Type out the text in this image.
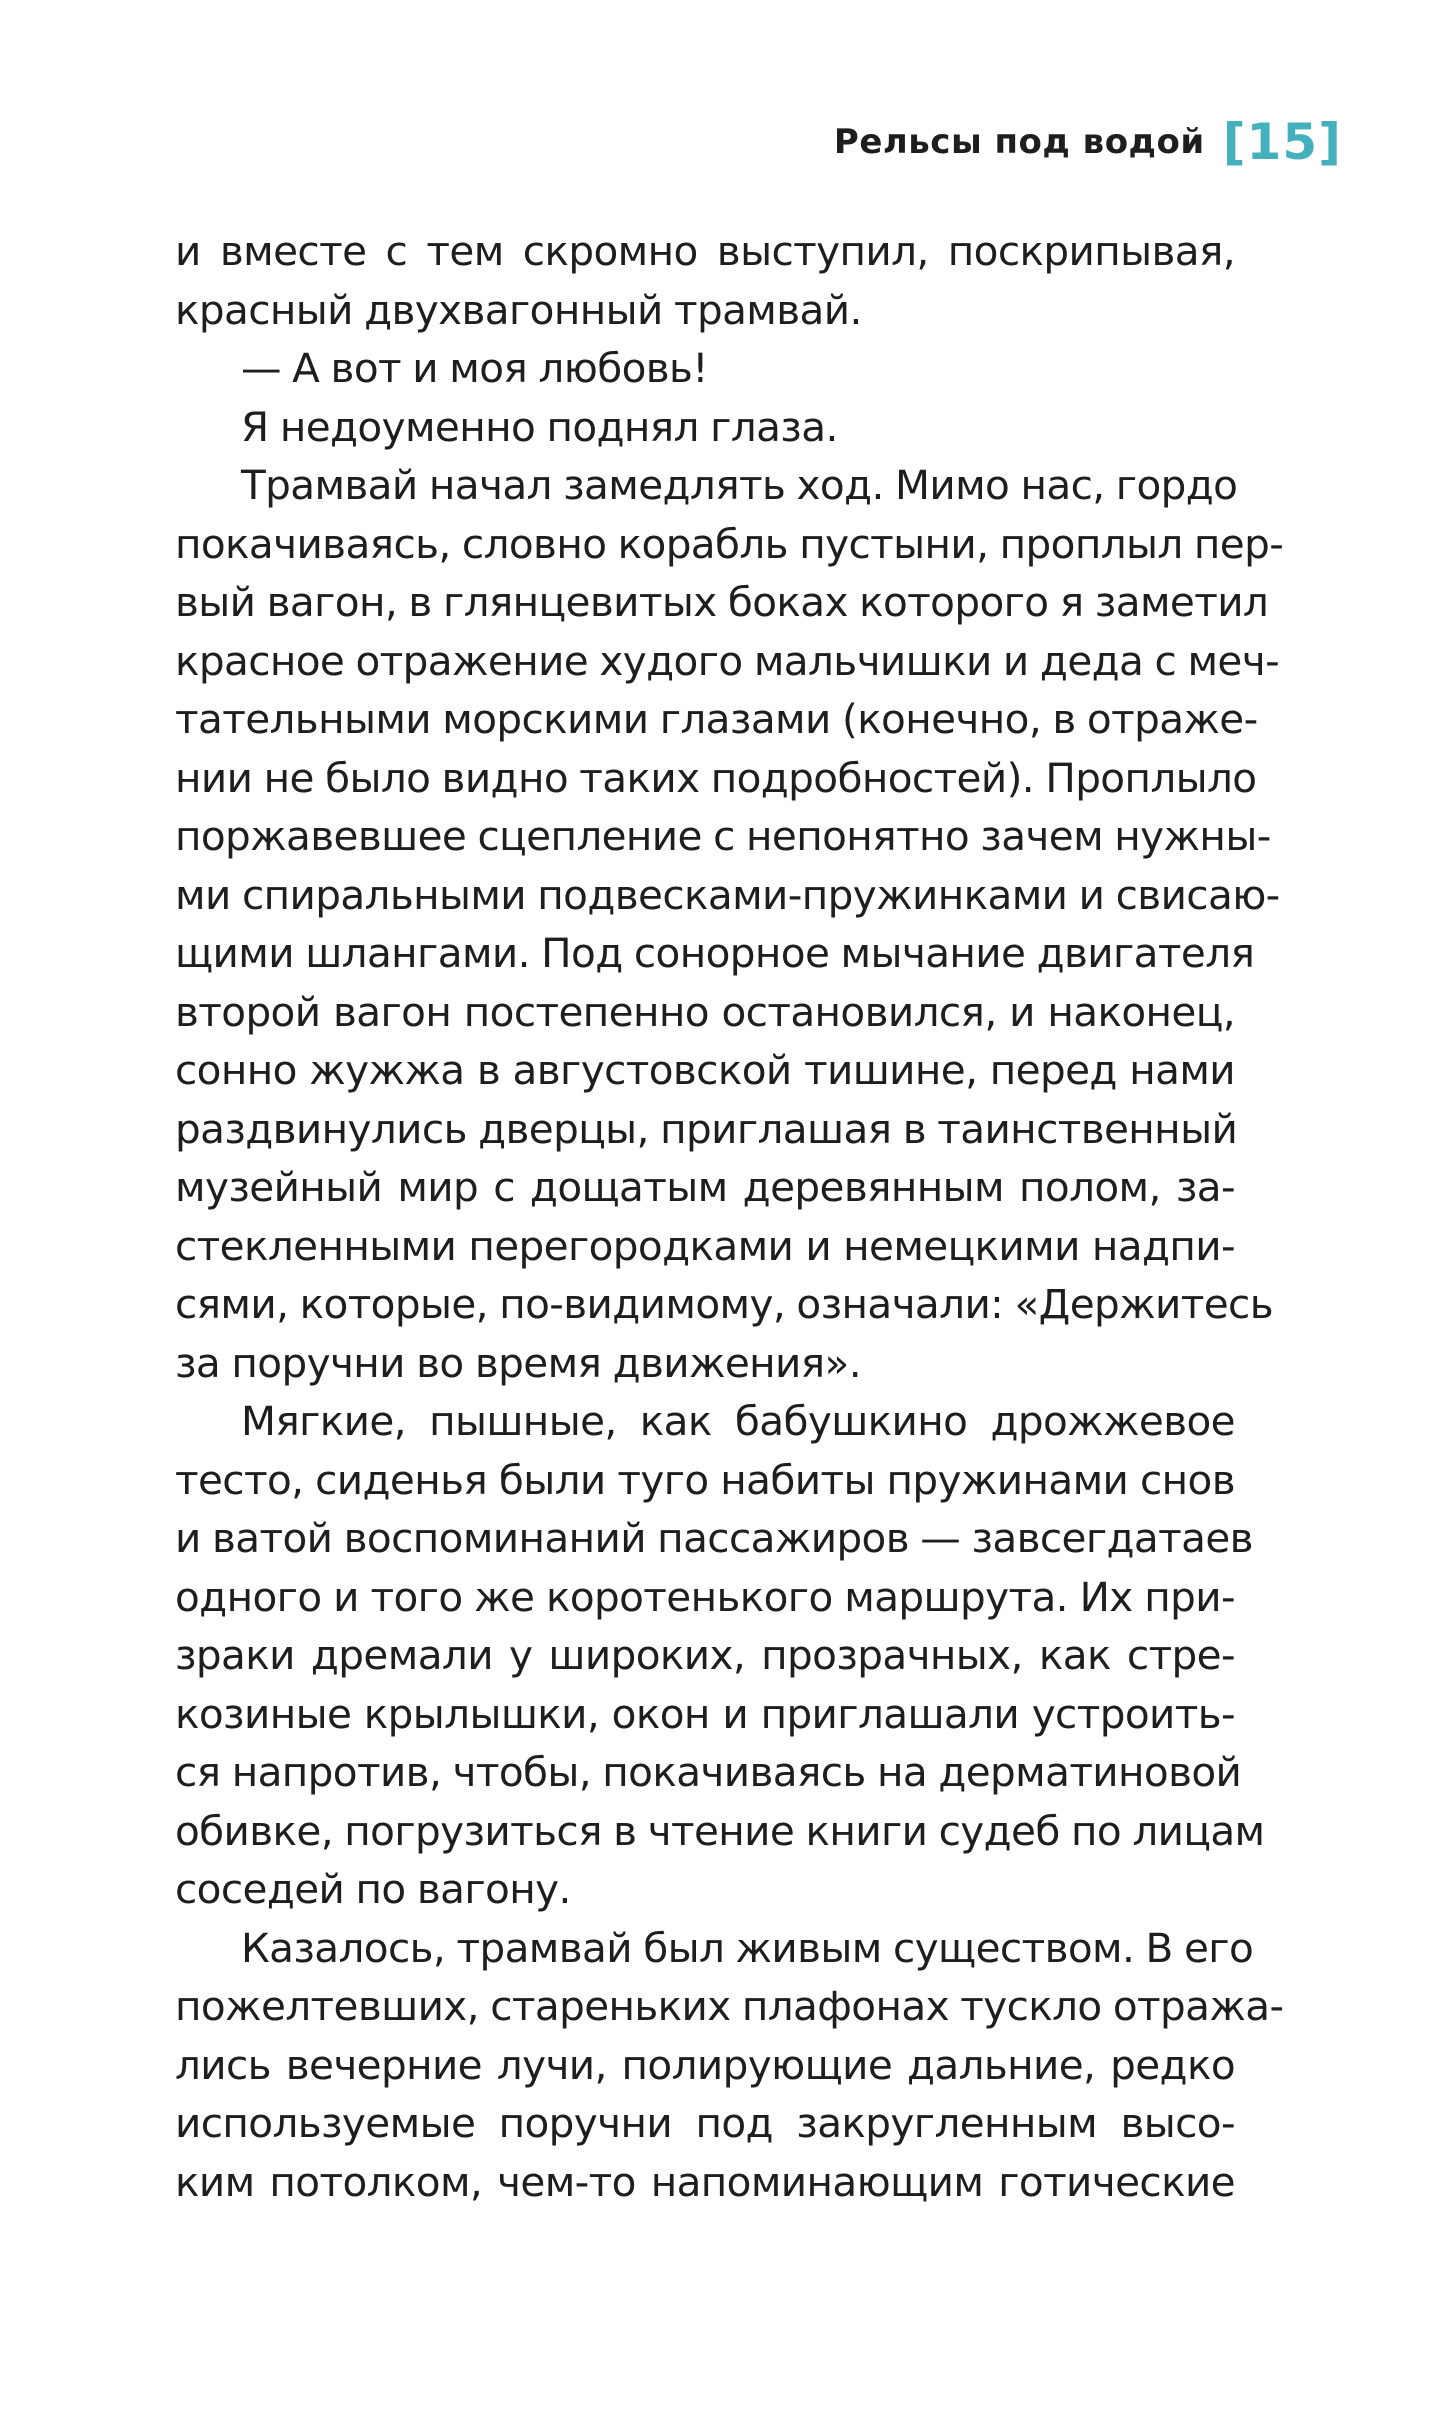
Рельсы под водой [15]
и вместе с тем скромно выступил, поскрипывая,
красный двухвагонный трамвай.
— А вот и моя любовь!
Я недоуменно поднял глаза.
Трамвай начал замедлять ход. Мимо нас, гордо
покачиваясь, словно корабль пустыни, проплыл пер-
вый вагон, в глянцевитых боках которого я заметил
красное отражение худого мальчишки и деда с меч-
тательными морскими глазами (конечно, в отраже-
нии не было видно таких подробностей). Проплыло
поржавевшее сцепление с непонятно зачем нужны-
ми спиральными подвесками-пружинками и свисаю-
щими шлангами. Под сонорное мычание двигателя
второй вагон постепенно остановился, и наконец,
сонно жужжа в августовской тишине, перед нами
раздвинулись дверцы, приглашая в таинственный
музейный мир с дощатым деревянным полом, за-
стекленными перегородками и немецкими надпи-
сями, которые, по-видимому, означали: «Держитесь
за поручни во время движения».
Мягкие, пышные, как бабушкино дрожжевое
тесто, сиденья были туго набиты пружинами снов
и ватой воспоминаний пассажиров — завсегдатаев
одного и того же коротенького маршрута. Их при-
зраки дремали у широких, прозрачных, как стре-
козиные крылышки, окон и приглашали устроить-
ся напротив, чтобы, покачиваясь на дерматиновой
обивке, погрузиться в чтение книги судеб по лицам
соседей по вагону.
Казалось, трамвай был живым существом. В его
пожелтевших, стареньких плафонах тускло отража-
лись вечерние лучи, полирующие дальние, редко
используемые поручни под закругленным высо-
ким потолком, чем-то напоминающим готические
